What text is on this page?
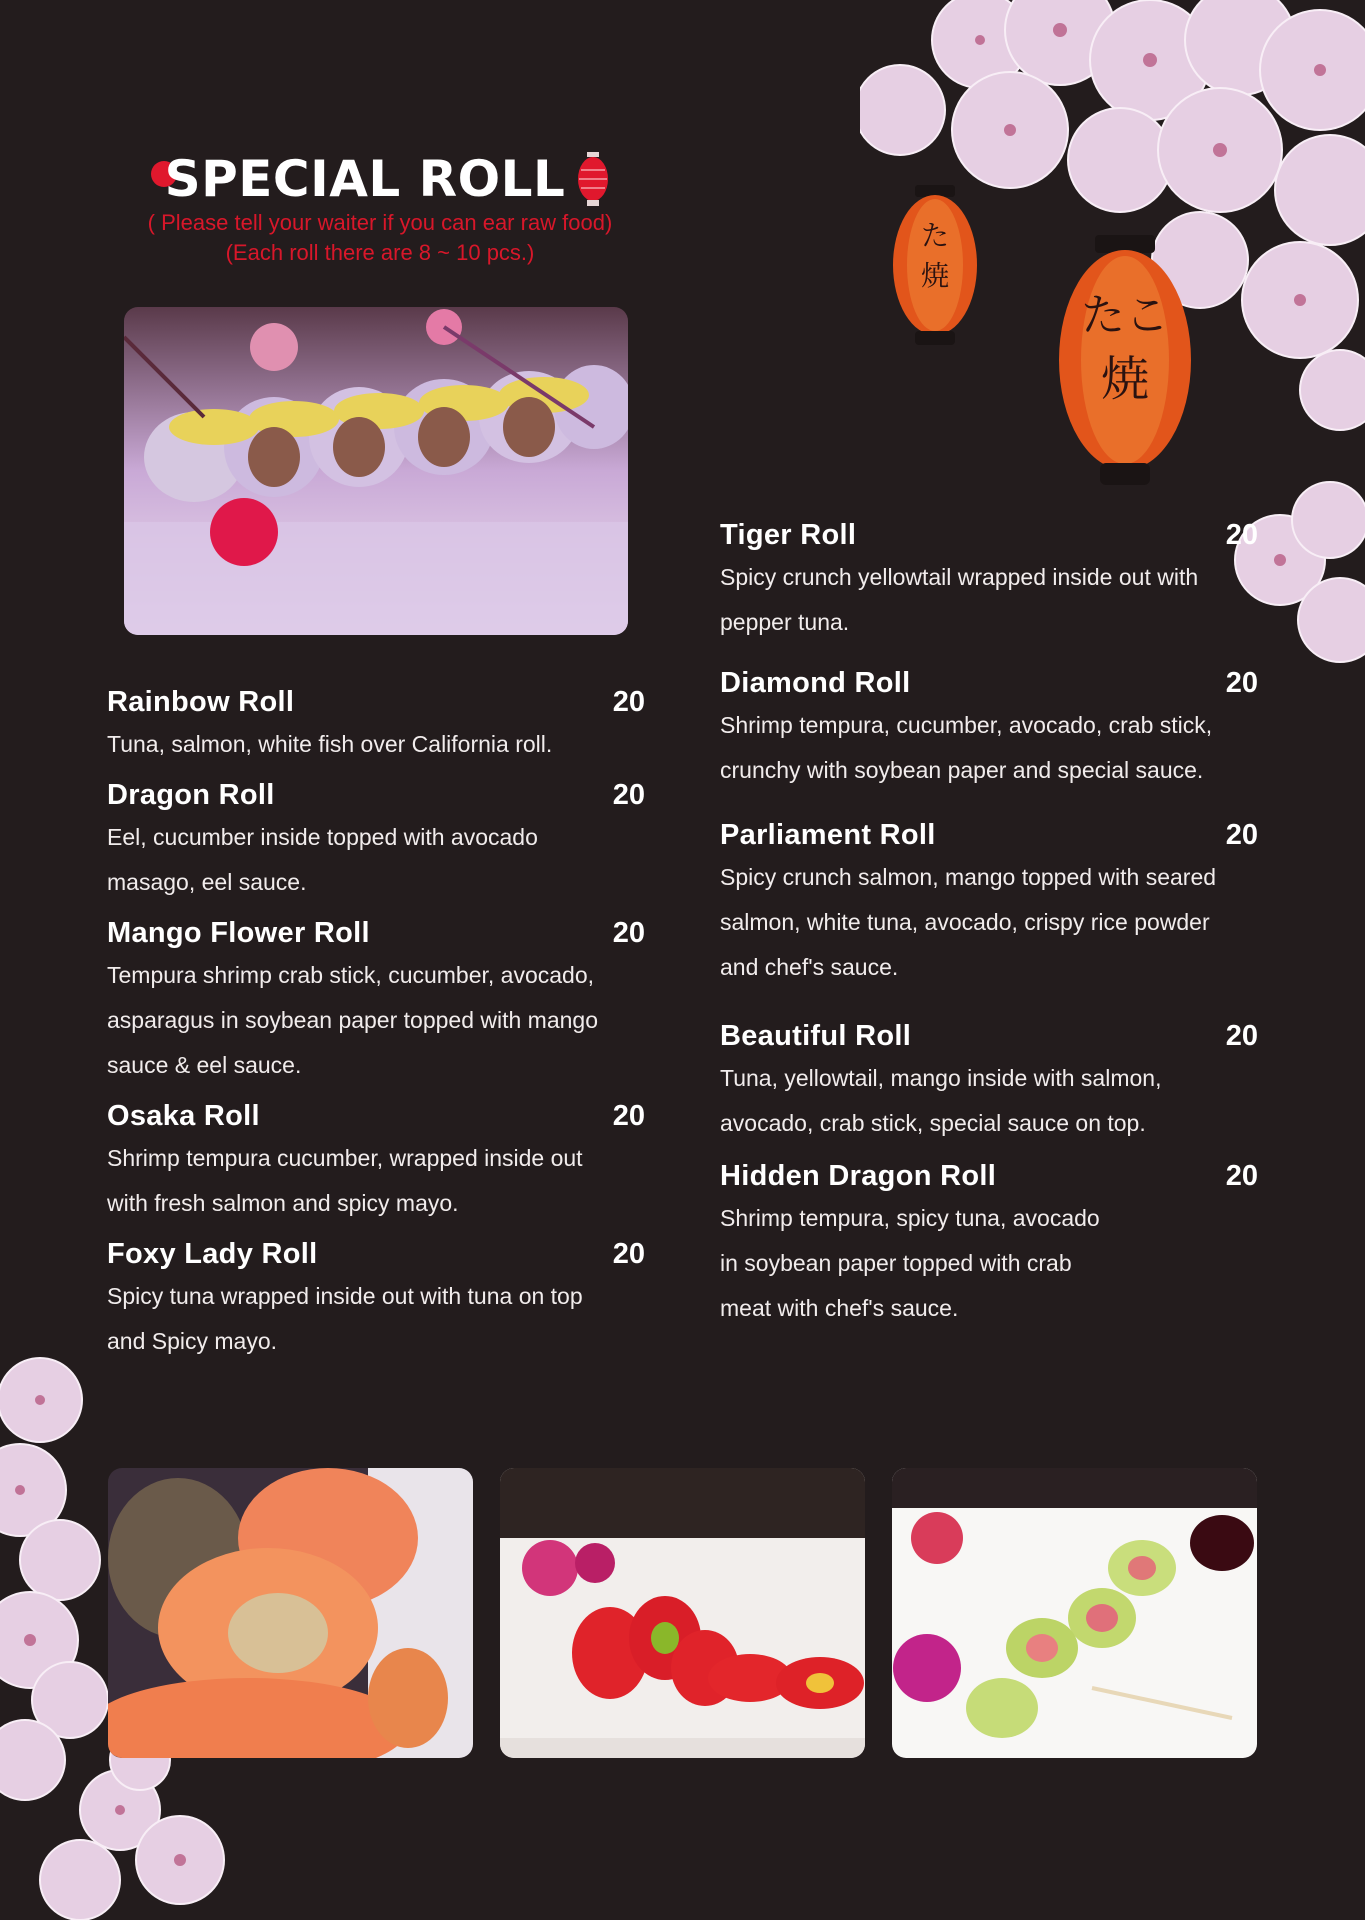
た
焼
たこ
焼
SPECIAL ROLL
( Please tell your waiter if you can ear raw food)
(Each roll there are 8 ~ 10 pcs.)
Rainbow Roll	20
Tuna, salmon, white fish over California roll.
Dragon Roll	20
Eel, cucumber inside topped with avocado
masago, eel sauce.
Mango Flower Roll	20
Tempura shrimp crab stick, cucumber, avocado,
asparagus in soybean paper topped with mango
sauce & eel sauce.
Osaka Roll	20
Shrimp tempura cucumber, wrapped inside out
with fresh salmon and spicy mayo.
Foxy Lady Roll	20
Spicy tuna wrapped inside out with tuna on top
and Spicy mayo.
Tiger Roll	20
Spicy crunch yellowtail wrapped inside out with
pepper tuna.
Diamond Roll	20
Shrimp tempura, cucumber, avocado, crab stick,
crunchy with soybean paper and special sauce.
Parliament Roll	20
Spicy crunch salmon, mango topped with seared
salmon, white tuna, avocado, crispy rice powder
and chef's sauce.
Beautiful Roll	20
Tuna, yellowtail, mango inside with salmon,
avocado, crab stick, special sauce on top.
Hidden Dragon Roll	20
Shrimp tempura, spicy tuna, avocado
in soybean paper topped with crab
meat with chef's sauce.
